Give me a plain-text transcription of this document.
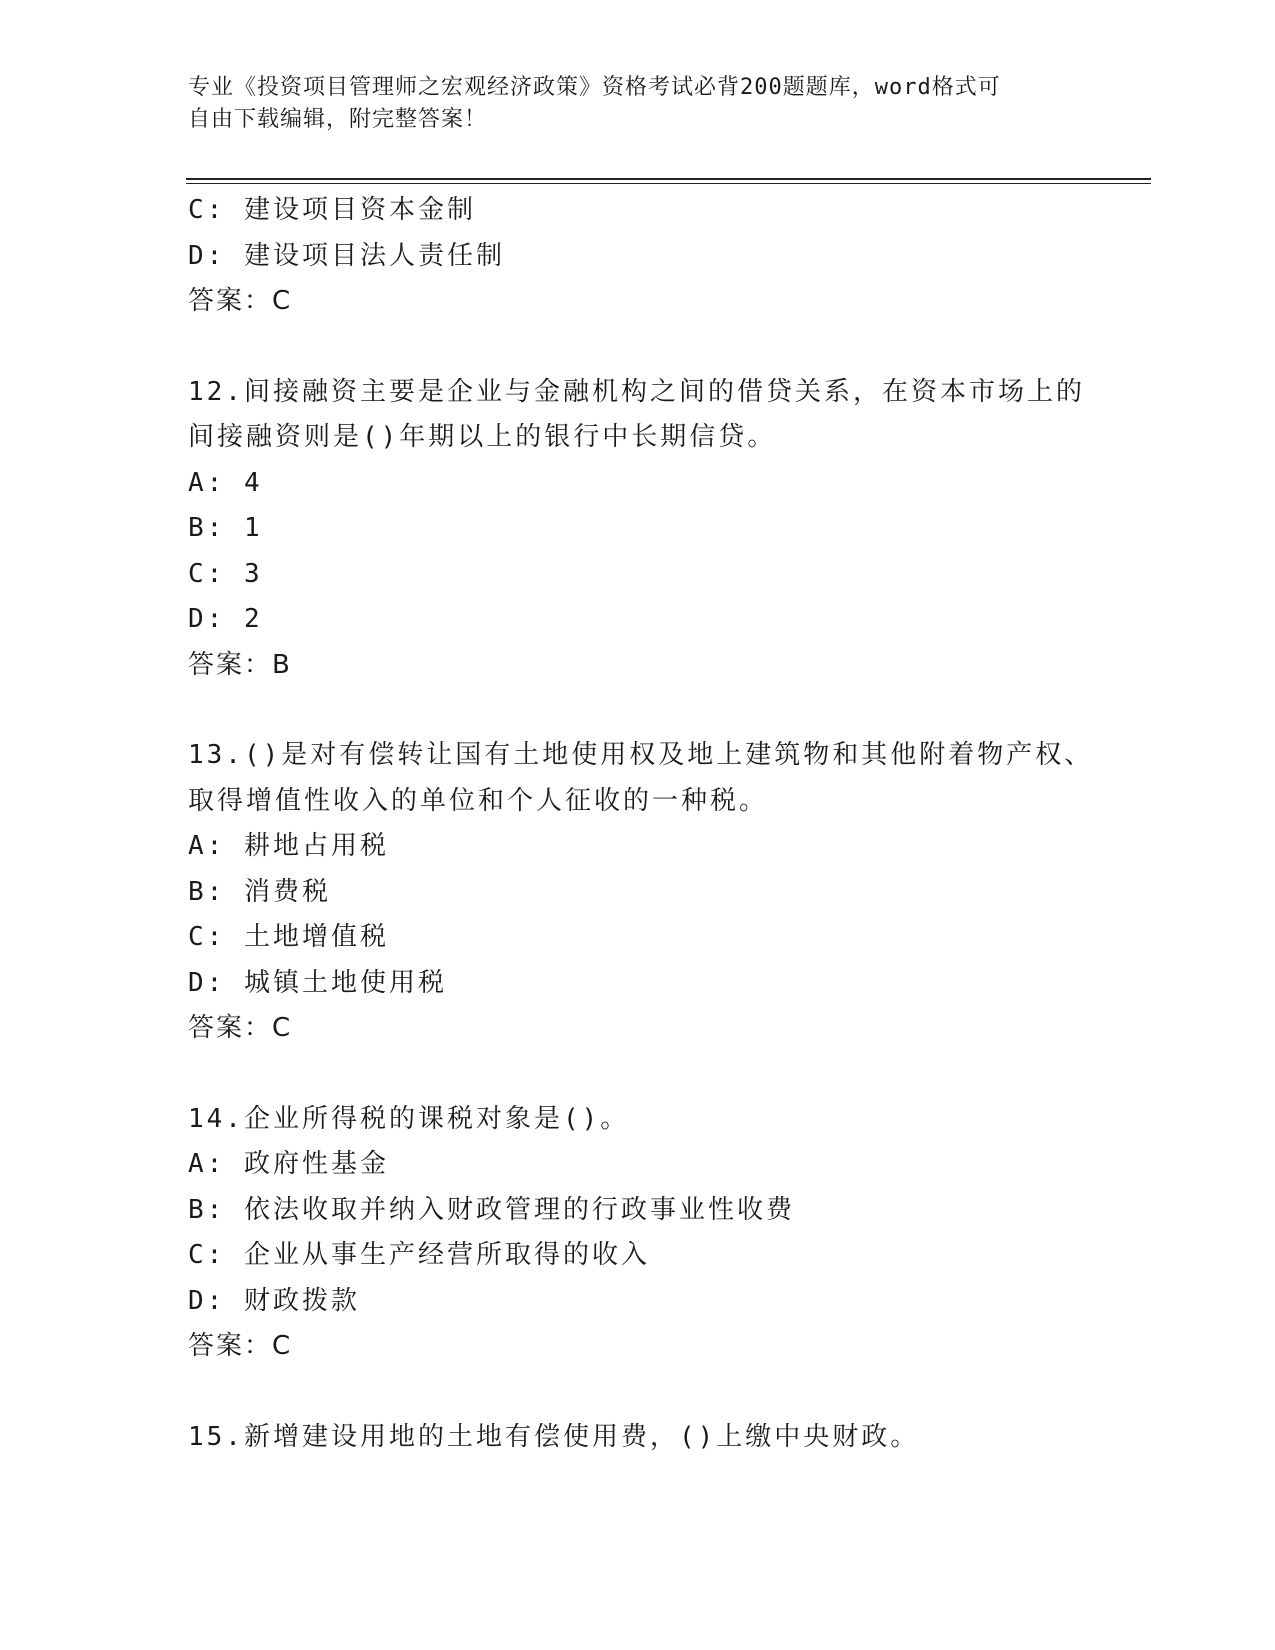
专业《投资项目管理师之宏观经济政策》资格考试必背200题题库，word格式可
自由下载编辑，附完整答案！
C: 建设项目资本金制
D: 建设项目法人责任制
答案：C
12.间接融资主要是企业与金融机构之间的借贷关系，在资本市场上的
间接融资则是()年期以上的银行中长期信贷。
A: 4
B: 1
C: 3
D: 2
答案：B
13.()是对有偿转让国有土地使用权及地上建筑物和其他附着物产权、
取得增值性收入的单位和个人征收的一种税。
A: 耕地占用税
B: 消费税
C: 土地增值税
D: 城镇土地使用税
答案：C
14.企业所得税的课税对象是()。
A: 政府性基金
B: 依法收取并纳入财政管理的行政事业性收费
C: 企业从事生产经营所取得的收入
D: 财政拨款
答案：C
15.新增建设用地的土地有偿使用费，()上缴中央财政。
